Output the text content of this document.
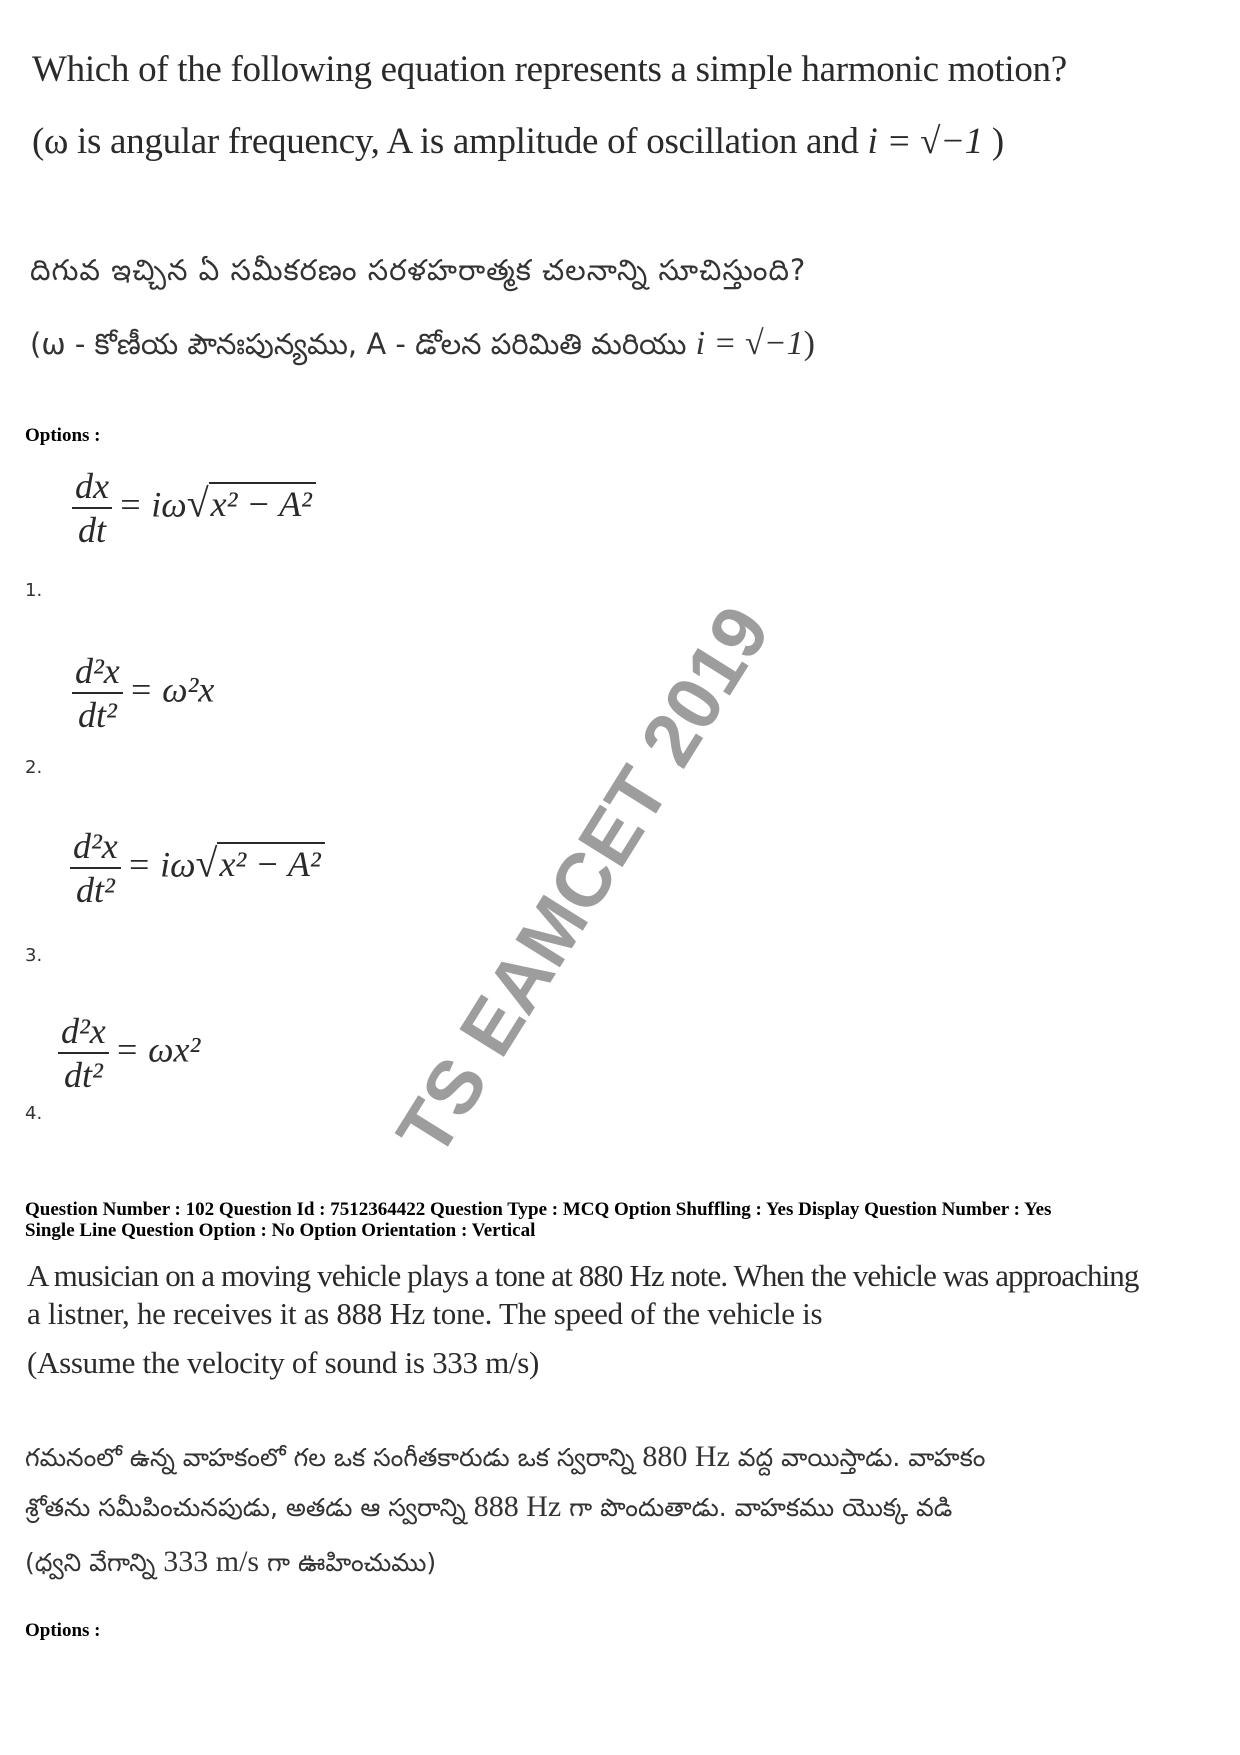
Which of the following equation represents a simple harmonic motion?
(ω is angular frequency, A is amplitude of oscillation and i = √−1 )
దిగువ ఇచ్చిన ఏ సమీకరణం సరళహరాత్మక చలనాన్ని సూచిస్తుంది?
(ω - కోణీయ పౌనఃపున్యము, A - డోలన పరిమితి మరియు i = √−1)
Options :
$\frac{dx}{dt} = i\omega√x^2 - A^2$
1.
$\frac{\text{d²x}}{\text{dt²}} = \omega^2x$
2.
$\frac{\text{d²x}}{\text{dt²}} = i\omega√x^2 - A^2$
3.
$\frac{\text{d²x}}{\text{dt²}} = \omega x^2$
4.	TS EAMCET 2019
Question Number : 102 Question Id : 7512364422 Question Type : MCQ Option Shuffling : Yes Display Question Number : Yes
Single Line Question Option : No Option Orientation : Vertical
A musician on a moving vehicle plays a tone at 880 Hz note. When the vehicle was approaching
a listner, he receives it as 888 Hz tone. The speed of the vehicle is
(Assume the velocity of sound is 333 m/s)
గమనంలో ఉన్న వాహకంలో గల ఒక సంగీతకారుడు ఒక స్వరాన్ని 880 Hz వద్ద వాయిస్తాడు. వాహకం
శ్రోతను సమీపించునపుడు, అతడు ఆ స్వరాన్ని 888 Hz గా పొందుతాడు. వాహకము యొక్క వడి
(ధ్వని వేగాన్ని 333 m/s గా ఊహించుము)
Options :
